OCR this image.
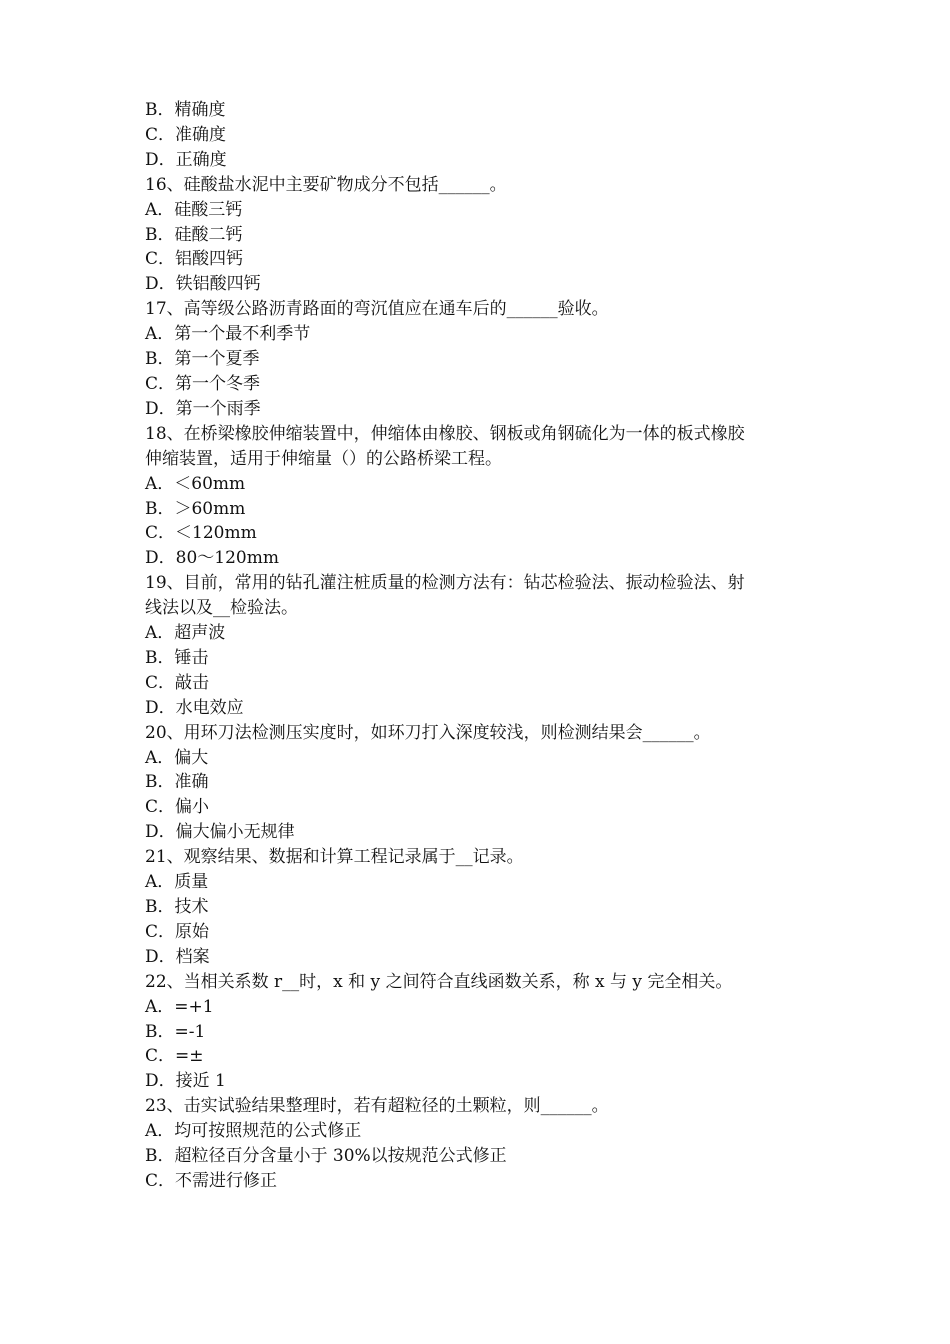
B．精确度

C．准确度

D．正确度

16、硅酸盐水泥中主要矿物成分不包括______。

A．硅酸三钙

B．硅酸二钙

C．铝酸四钙

D．铁铝酸四钙

17、高等级公路沥青路面的弯沉值应在通车后的______验收。

A．第一个最不利季节

B．第一个夏季

C．第一个冬季

D．第一个雨季

18、在桥梁橡胶伸缩装置中，伸缩体由橡胶、钢板或角钢硫化为一体的板式橡胶

伸缩装置，适用于伸缩量（）的公路桥梁工程。

A．＜60mm

B．＞60mm

C．＜120mm

D．80～120mm

19、目前，常用的钻孔灌注桩质量的检测方法有：钻芯检验法、振动检验法、射

线法以及__检验法。

A．超声波

B．锤击

C．敲击

D．水电效应

20、用环刀法检测压实度时，如环刀打入深度较浅，则检测结果会______。

A．偏大

B．准确

C．偏小

D．偏大偏小无规律

21、观察结果、数据和计算工程记录属于__记录。

A．质量

B．技术

C．原始

D．档案

22、当相关系数 r__时，x 和 y 之间符合直线函数关系，称 x 与 y 完全相关。

A．=+1

B．=-1

C．=±

D．接近 1

23、击实试验结果整理时，若有超粒径的土颗粒，则______。

A．均可按照规范的公式修正

B．超粒径百分含量小于 30%以按规范公式修正

C．不需进行修正
